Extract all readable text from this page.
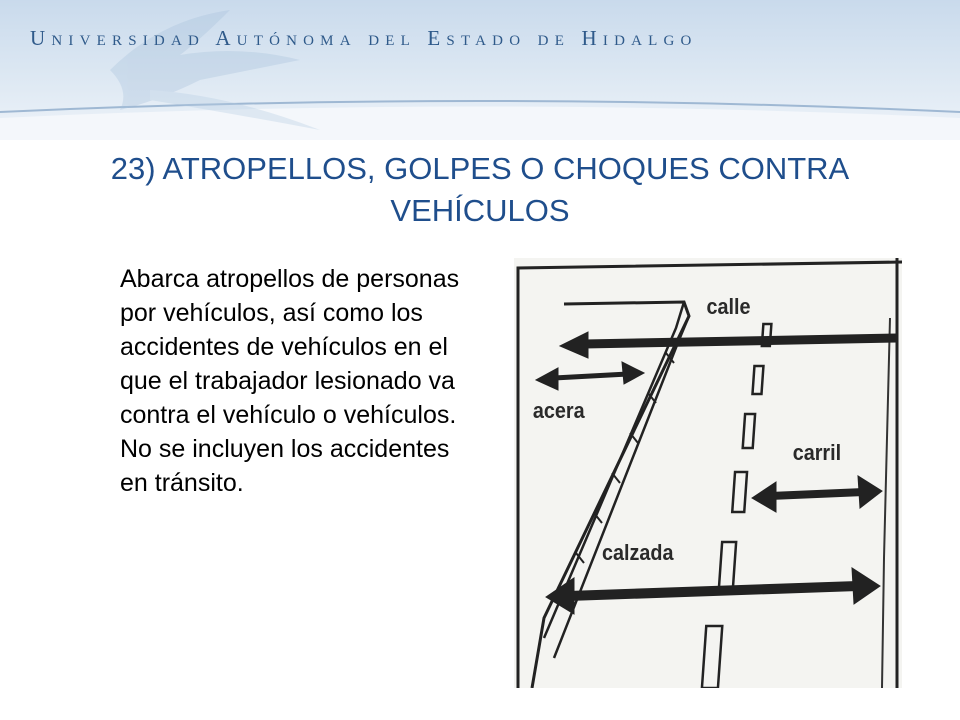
Universidad Autónoma del Estado de Hidalgo

23) ATROPELLOS, GOLPES O CHOQUES CONTRA VEHÍCULOS

Abarca atropellos de personas por vehículos, así como los accidentes de vehículos en el que el trabajador lesionado va contra el vehículo o vehículos. No se incluyen los accidentes en tránsito.

calle
acera
carril
calzada
